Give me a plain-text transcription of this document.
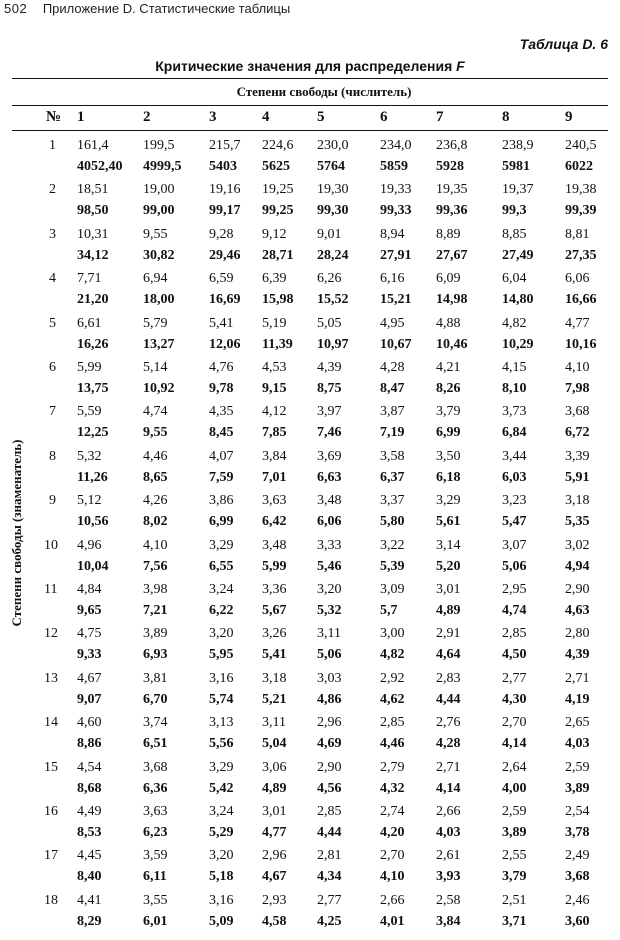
502 Приложение D. Статистические таблицы
Таблица D. 6
Критические значения для распределения F
Степени свободы (числитель)
№ 1	2	3	4	5	6	7	8	9
Степени свободы (знаменатель)
1 161,4 199,5 215,7 224,6 230,0 234,0 236,8 238,9 240,5
4052,40 4999,5 5403 5625 5764	5859 5928	5981	6022
2 18,51 19,00 19,16 19,25 19,30 19,33 19,35 19,37 19,38
98,50 99,00 99,17 99,25 99,30 99,33 99,36 99,3	99,39
3 10,31 9,55	9,28 9,12 9,01	8,94 8,89	8,85	8,81
34,12 30,82 29,46 28,71 28,24 27,91 27,67 27,49 27,35
4 7,71	6,94	6,59 6,39 6,26	6,16 6,09	6,04	6,06
21,20 18,00 16,69 15,98 15,52 15,21 14,98 14,80 16,66
5 6,61	5,79	5,41 5,19 5,05	4,95 4,88	4,82	4,77
16,26 13,27 12,06 11,39 10,97 10,67 10,46 10,29 10,16
6 5,99	5,14	4,76 4,53 4,39	4,28 4,21	4,15	4,10
13,75 10,92 9,78 9,15 8,75	8,47 8,26	8,10	7,98
7 5,59	4,74	4,35 4,12 3,97	3,87 3,79	3,73	3,68
12,25 9,55	8,45 7,85 7,46	7,19 6,99	6,84	6,72
8 5,32	4,46	4,07 3,84 3,69	3,58 3,50	3,44	3,39
11,26	8,65	7,59 7,01 6,63	6,37 6,18	6,03	5,91
9 5,12	4,26	3,86 3,63 3,48	3,37 3,29	3,23	3,18
10,56 8,02	6,99 6,42 6,06	5,80 5,61	5,47	5,35
10 4,96	4,10	3,29 3,48 3,33	3,22 3,14	3,07	3,02
10,04 7,56	6,55 5,99 5,46	5,39 5,20	5,06	4,94
11 4,84	3,98	3,24 3,36 3,20	3,09 3,01	2,95	2,90
9,65	7,21	6,22 5,67 5,32	5,7	4,89	4,74	4,63
12 4,75	3,89	3,20 3,26 3,11	3,00 2,91	2,85	2,80
9,33	6,93	5,95 5,41 5,06	4,82 4,64	4,50	4,39
13 4,67	3,81	3,16 3,18 3,03	2,92 2,83	2,77	2,71
9,07	6,70	5,74 5,21 4,86	4,62 4,44	4,30	4,19
14 4,60	3,74	3,13 3,11 2,96	2,85 2,76	2,70	2,65
8,86	6,51	5,56 5,04 4,69	4,46 4,28	4,14	4,03
15 4,54	3,68	3,29 3,06 2,90	2,79 2,71	2,64	2,59
8,68	6,36	5,42 4,89 4,56	4,32 4,14	4,00	3,89
16 4,49	3,63	3,24 3,01 2,85	2,74 2,66	2,59	2,54
8,53	6,23	5,29 4,77 4,44	4,20 4,03	3,89	3,78
17 4,45	3,59	3,20 2,96 2,81	2,70 2,61	2,55	2,49
8,40	6,11	5,18 4,67 4,34	4,10 3,93	3,79	3,68
18 4,41	3,55	3,16 2,93 2,77	2,66 2,58	2,51	2,46
8,29	6,01	5,09 4,58 4,25	4,01 3,84	3,71	3,60
